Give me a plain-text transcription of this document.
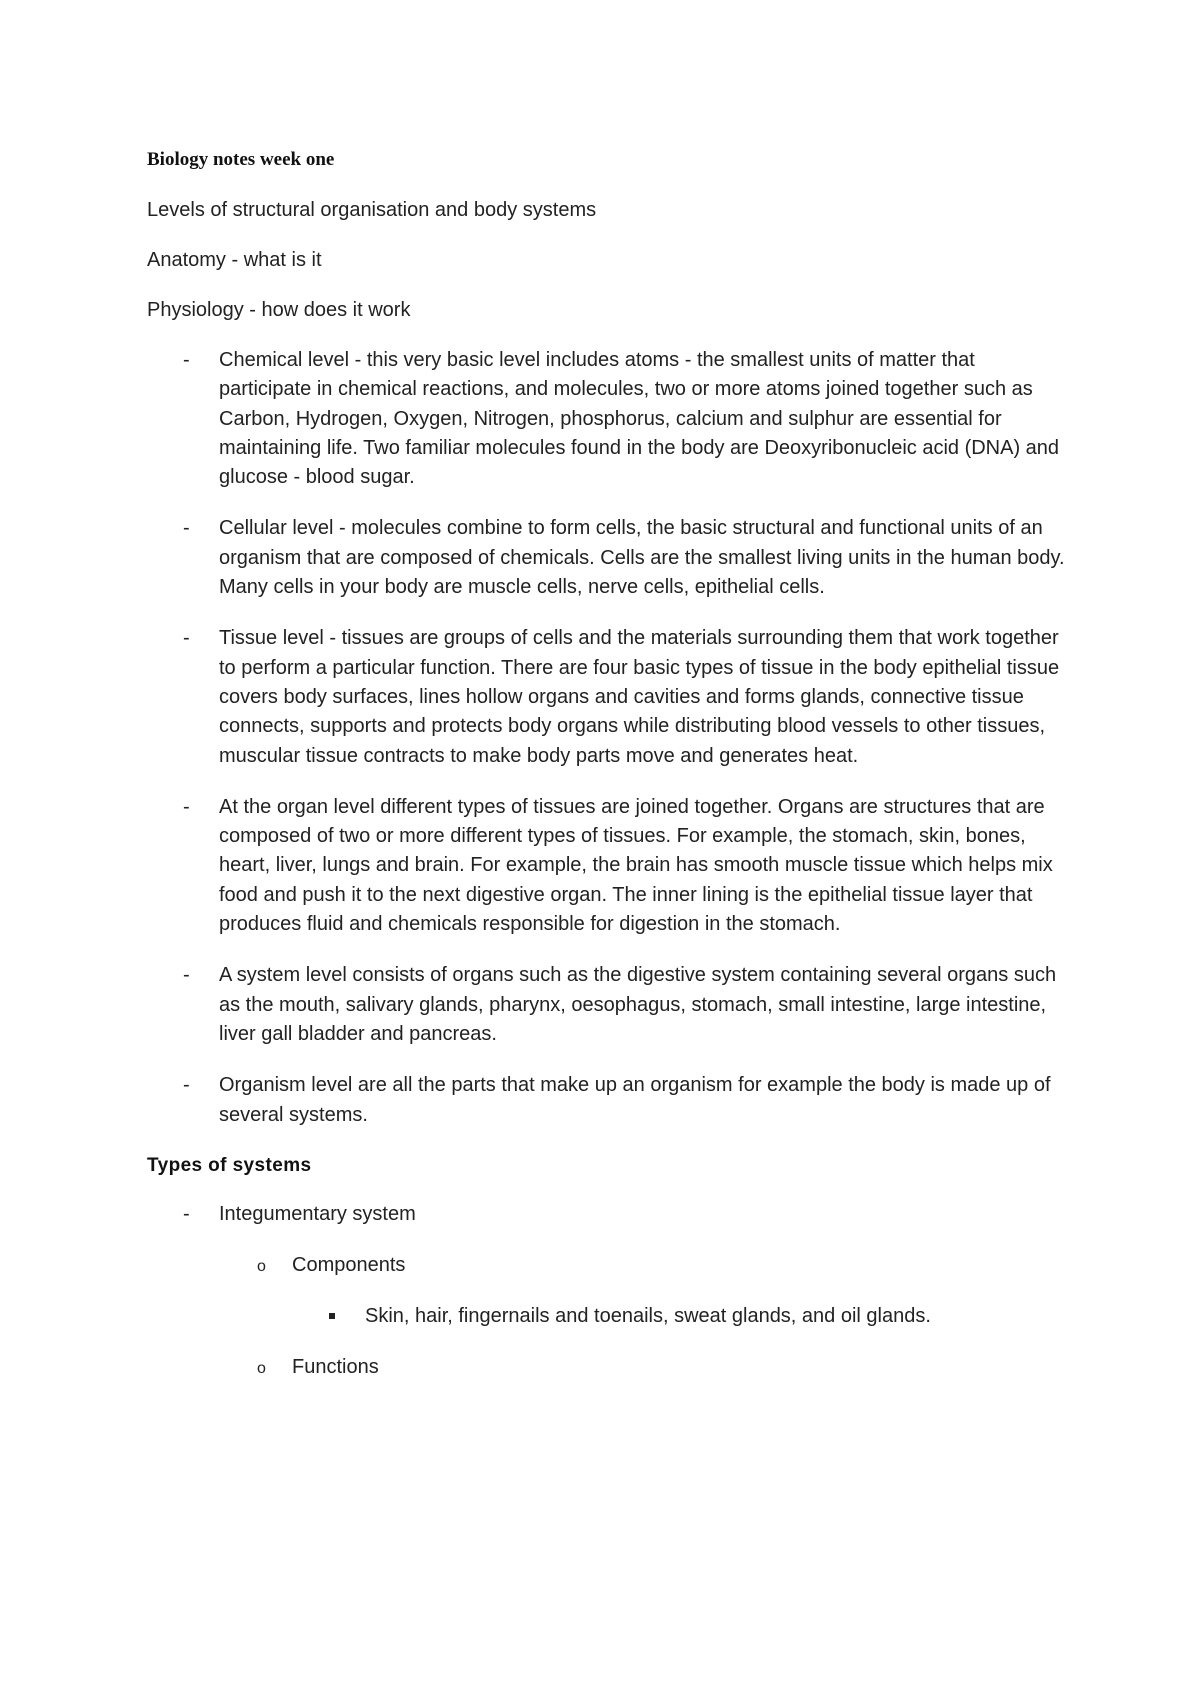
Biology notes week one
Levels of structural organisation and body systems
Anatomy - what is it
Physiology - how does it work
-	Chemical level - this very basic level includes atoms - the smallest units of matter that participate in chemical reactions, and molecules, two or more atoms joined together such as Carbon, Hydrogen, Oxygen, Nitrogen, phosphorus, calcium and sulphur are essential for maintaining life. Two familiar molecules found in the body are Deoxyribonucleic acid (DNA) and glucose - blood sugar.
-	Cellular level - molecules combine to form cells, the basic structural and functional units of an organism that are composed of chemicals. Cells are the smallest living units in the human body. Many cells in your body are muscle cells, nerve cells, epithelial cells.
-	Tissue level - tissues are groups of cells and the materials surrounding them that work together to perform a particular function. There are four basic types of tissue in the body epithelial tissue covers body surfaces, lines hollow organs and cavities and forms glands, connective tissue connects, supports and protects body organs while distributing blood vessels to other tissues, muscular tissue contracts to make body parts move and generates heat.
-	At the organ level different types of tissues are joined together. Organs are structures that are composed of two or more different types of tissues. For example, the stomach, skin, bones, heart, liver, lungs and brain. For example, the brain has smooth muscle tissue which helps mix food and push it to the next digestive organ. The inner lining is the epithelial tissue layer that produces fluid and chemicals responsible for digestion in the stomach.
-	A system level consists of organs such as the digestive system containing several organs such as the mouth, salivary glands, pharynx, oesophagus, stomach, small intestine, large intestine, liver gall bladder and pancreas.
-	Organism level are all the parts that make up an organism for example the body is made up of several systems.
Types of systems
-	Integumentary system
o Components
Skin, hair, fingernails and toenails, sweat glands, and oil glands.
o Functions
